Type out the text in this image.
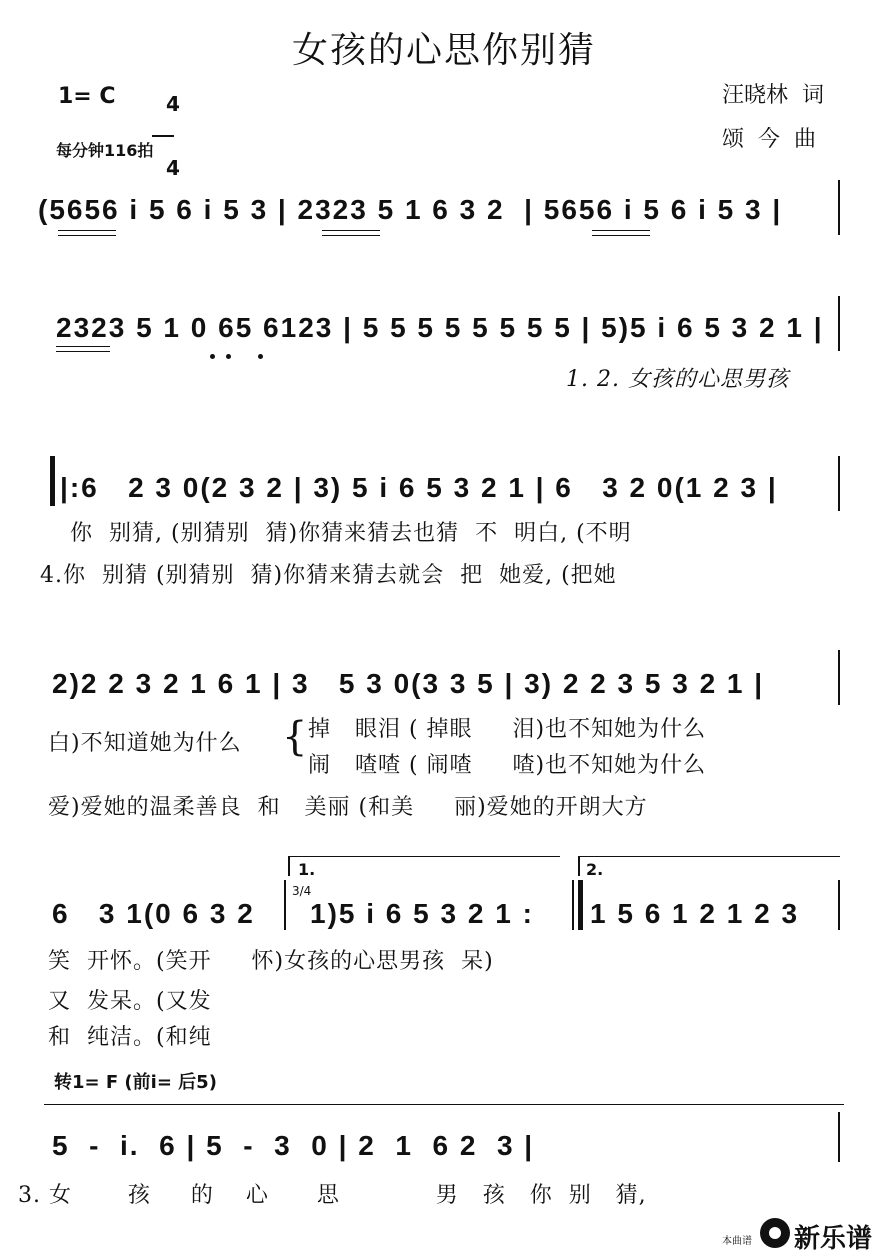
女孩的心思你别猜
1= C	4

4

每分钟116拍
汪晓林  词
颂  今  曲
(5656 i 5 6 i 5 3 | 2323 5 1 6 3 2  | 5656 i 5 6 i 5 3 |
2323 5 1 0 65 6123 | 5 5 5 5 5 5 5 5 | 5)5 i 6 5 3 2 1 |
1. 2. 女孩的心思男孩
|:6   2 3 0(2 3 2 | 3) 5 i 6 5 3 2 1 | 6   3 2 0(1 2 3 |
你  别猜, (别猜别  猜)你猜来猜去也猜  不  明白, (不明
4.你  别猜 (别猜别  猜)你猜来猜去就会  把  她爱, (把她
2)2 2 3 2 1 6 1 | 3   5 3 0(3 3 5 | 3) 2 2 3 5 3 2 1 |
白)不知道她为什么 { 掉   眼泪 ( 掉眼     泪)也不知她为什么
闹   喳喳 ( 闹喳     喳)也不知她为什么
爱)爱她的温柔善良  和   美丽 (和美     丽)爱她的开朗大方
1.	2.
6   3 1(0 6 3 2
3/4
1)5 i 6 5 3 2 1 : 1 5 6 1 2 1 2 3
笑  开怀。(笑开     怀)女孩的心思男孩  呆)
又  发呆。(又发
和  纯洁。(和纯
转1= F (前i= 后5)
5  -  i.  6 | 5  -  3  0 | 2  1  6 2  3 |
3. 女       孩     的    心      思            男   孩   你  别   猜,
本曲谱 新乐谱
